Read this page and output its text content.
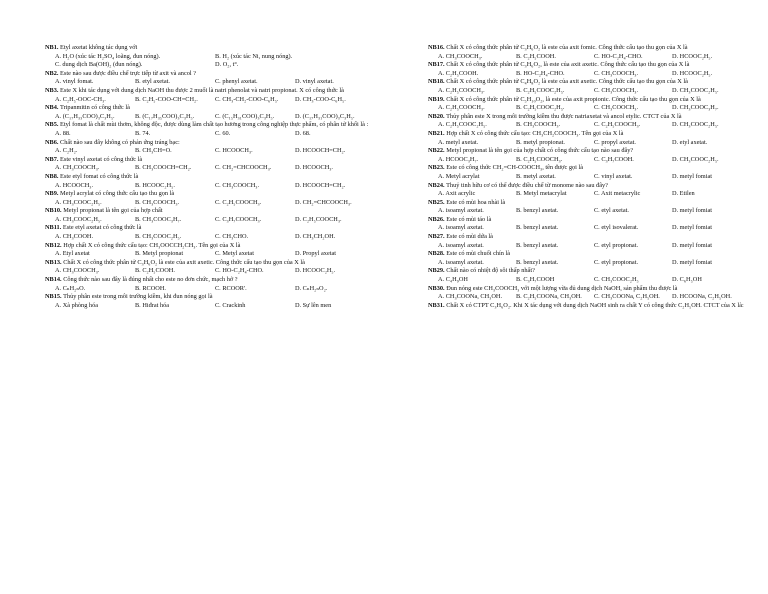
NB1. Etyl axetat không tác dụng với
A. H₂O (xúc tác H₂SO₄ loãng, đun nóng).	B. H₂ (xúc tác Ni, nung nóng).
C. dung dịch Ba(OH)₂ (đun nóng).	D. O₂, t°.
NB2. Este nào sau được điều chế trực tiếp từ axit và ancol ?
A. vinyl fomat.	B. etyl axetat.	C. phenyl axetat.	D. vinyl axetat.
NB3. Este X khi tác dụng với dung dịch NaOH thu được 2 muối là natri phenolat và natri propionat. X có công thức là
A. C₂H₅-OOC-CH₃.	B. C₂H₅-COO-CH=CH₂.	C. CH₃-CH₂-COO-C₆H₅.	D. CH₃-COO-C₆H₅.
NB4. Tripanmitin có công thức là
A. (C₁₇H₃₃COO)₃C₃H₅.	B. (C₁₇H₃₅COO)₃C₃H₅.	C. (C₁₅H₃₁COO)₃C₃H₅.	D. (C₁₇H₃₁COO)₃C₃H₅.
NB5. Etyl fomat là chất mùi thơm, không độc, được dùng làm chất tạo hương trong công nghiệp thực phẩm, có phân tử khối là :
A. 88.	B. 74.	C. 60.	D. 68.
NB6. Chất nào sau đây không có phản ứng tráng bạc:
A. C₂H₂.	B. CH₃CH=O.	C. HCOOCH₃.	D. HCOOCH=CH₂.
NB7. Este vinyl axetat có công thức là
A. CH₃COOCH₃.	B. CH₃COOCH=CH₂.	C. CH₂=CHCOOCH₃.	D. HCOOCH₃.
NB8. Este etyl fomat có công thức là
A. HCOOCH₃.	B. HCOOC₂H₅.	C. CH₃COOCH₃.	D. HCOOCH=CH₂.
NB9. Metyl acrylat có công thức cấu tạo thu gọn là
A. CH₃COOC₂H₅.	B. CH₃COOCH₃.	C. C₂H₅COOCH₃.	D. CH₂=CHCOOCH₃.
NB10. Metyl propionat là tên gọi của hợp chất
A. CH₃COOC₂H₅.	B. CH₃COOC₃H₇.	C. C₃H₇COOCH₃.	D. C₂H₅COOCH₃.
NB11. Este etyl axetat có công thức là
A. CH₃COOH.	B. CH₃COOC₂H₅.	C. CH₃CHO.	D. CH₃CH₂OH.
NB12. Hợp chất X có công thức cấu tạo: CH₃OOCCH₂CH₃. Tên gọi của X là
A. Etyl axetat	B. Metyl propionat	C. Metyl axetat	D. Propyl axetat
NB13. Chất X có công thức phân tử C₃H₆O₂ là este của axit axetic. Công thức cấu tạo thu gọn của X là
A. CH₃COOCH₃.	B. C₂H₅COOH.	C. HO-C₂H₄-CHO.	D. HCOOC₂H₅.
NB14. Công thức nào sau đây là đúng nhất cho este no đơn chức, mạch hở ?
A. CₙH₂ₙO.	B. RCOOH.	C. RCOOR'.	D. CₙH₂ₙO₂.
NB15. Thủy phân este trong môi trường kiềm, khi đun nóng gọi là
A. Xà phòng hóa	B. Hiđrat hóa	C. Crackinh	D. Sự lên men
NB16. Chất X có công thức phân tử C₃H₆O₂ là este của axit fomic. Công thức cấu tạo thu gọn của X là
A. CH₃COOCH₃.	B. C₂H₅COOH.	C. HO-C₂H₄-CHO.	D. HCOOC₂H₅.
NB17. Chất X có công thức phân tử C₃H₆O₂, là este của axit axetic. Công thức cấu tạo thu gọn của X là
A. C₂H₅COOH.	B. HO-C₂H₄-CHO.	C. CH₃COOCH₃.	D. HCOOC₂H₅.
NB18. Chất X có công thức phân tử C₄H₈O₂ là este của axit axetic. Công thức cấu tạo thu gọn của X là
A. C₂H₅COOCH₃.	B. C₂H₅COOC₂H₅.	C. CH₃COOCH₃.	D. CH₃COOC₂H₅.
NB19. Chất X có công thức phân tử C₅H₁₀O₂, là este của axit propionic. Công thức cấu tạo thu gọn của X là
A. C₂H₅COOCH₃.	B. C₂H₅COOC₂H₅.	C. CH₃COOCH₃.	D. CH₃COOC₃H₇.
NB20. Thủy phân este X trong môi trường kiềm thu được natriaxetat và ancol etylic. CTCT của X là
A. C₂H₅COOC₂H₅.	B. CH₃COOCH₃.	C. C₂H₅COOCH₃.	D. CH₃COOC₂H₅.
NB21. Hợp chất X có công thức cấu tạo: CH₃CH₂COOCH₃. Tên gọi của X là
A. metyl axetat.	B. metyl propionat.	C. propyl axetat.	D. etyl axetat.
NB22. Metyl propionat là tên gọi của hợp chất có công thức cấu tạo nào sau đây?
A. HCOOC₃H₇.	B. C₂H₅COOCH₃.	C. C₃H₇COOH.	D. CH₃COOC₂H₅.
NB23. Este có công thức CH₂=CH-COOCH₃, tên được gọi là
A. Metyl acrylat	B. metyl axetat.	C. vinyl axetat.	D. metyl fomiat
NB24. Thuỷ tinh hữu cơ có thể được điều chế từ monome nào sau đây?
A. Axit acrylic	B. Metyl metacrylat	C. Axit metacrylic	D. Etilen
NB25. Este có mùi hoa nhài là
A. isoamyl axetat.	B. benzyl axetat.	C. etyl axetat.	D. metyl fomiat
NB26. Este có mùi táo là
A. isoamyl axetat.	B. benzyl axetat.	C. etyl isovalerat.	D. metyl fomiat
NB27. Este có mùi dứa là
A. isoamyl axetat.	B. benzyl axetat.	C. etyl propionat.	D. metyl fomiat
NB28. Este có mùi chuối chín là
A. isoamyl axetat.	B. benzyl axetat.	C. etyl propionat.	D. metyl fomiat
NB29. Chất nào có nhiệt độ sôi thấp nhất?
A. C₄H₉OH	B. C₃H₇COOH	C. CH₃COOC₂H₅	D. C₆H₅OH
NB30. Đun nóng este CH₃COOCH₃ với một lượng vừa đủ dung dịch NaOH, sản phẩm thu được là
A. CH₃COONa, CH₃OH.	B. C₂H₅COONa, CH₃OH.	C. CH₃COONa, C₂H₅OH.	D. HCOONa, C₂H₅OH.
NB31. Chất X có CTPT C₃H₆O₂. Khi X tác dụng với dung dịch NaOH sinh ra chất Y có công thức C₂H₅OH. CTCT của X là:
